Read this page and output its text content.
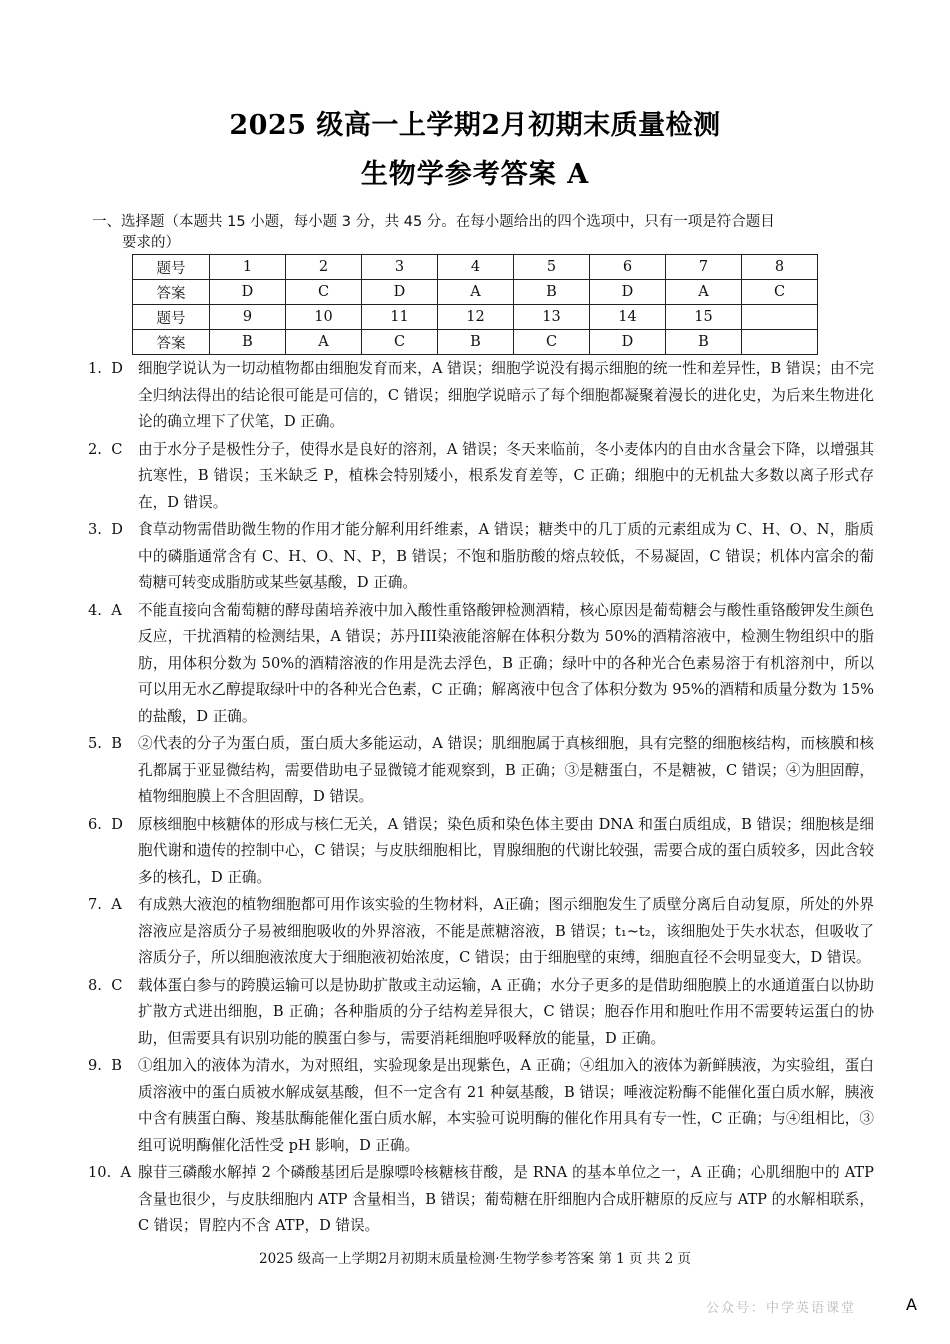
2025 级高一上学期2月初期末质量检测
生物学参考答案 A
一、选择题（本题共 15 小题，每小题 3 分，共 45 分。在每小题给出的四个选项中，只有一项是符合题目
要求的）
题号	1	2	3	4	5	6	7	8
答案	D	C	D	A	B	D	A	C
题号	9	10	11	12	13	14	15	
答案	B	A	C	B	C	D	B	
1.  D	细胞学说认为一切动植物都由细胞发育而来，A 错误；细胞学说没有揭示细胞的统一性和差异性，B 错误；由不完全归纳法得出的结论很可能是可信的，C 错误；细胞学说暗示了每个细胞都凝聚着漫长的进化史，为后来生物进化论的确立埋下了伏笔，D 正确。
2.  C	由于水分子是极性分子，使得水是良好的溶剂，A 错误；冬天来临前，冬小麦体内的自由水含量会下降，以增强其抗寒性，B 错误；玉米缺乏 P，植株会特别矮小，根系发育差等，C 正确；细胞中的无机盐大多数以离子形式存在，D 错误。
3.  D	食草动物需借助微生物的作用才能分解利用纤维素，A 错误；糖类中的几丁质的元素组成为 C、H、O、N，脂质中的磷脂通常含有 C、H、O、N、P，B 错误；不饱和脂肪酸的熔点较低，不易凝固，C 错误；机体内富余的葡萄糖可转变成脂肪或某些氨基酸，D 正确。
4.  A	不能直接向含葡萄糖的酵母菌培养液中加入酸性重铬酸钾检测酒精，核心原因是葡萄糖会与酸性重铬酸钾发生颜色反应，干扰酒精的检测结果，A 错误；苏丹III染液能溶解在体积分数为 50%的酒精溶液中，检测生物组织中的脂肪，用体积分数为 50%的酒精溶液的作用是洗去浮色，B 正确；绿叶中的各种光合色素易溶于有机溶剂中，所以可以用无水乙醇提取绿叶中的各种光合色素，C 正确；解离液中包含了体积分数为 95%的酒精和质量分数为 15%的盐酸，D 正确。
5.  B	②代表的分子为蛋白质，蛋白质大多能运动，A 错误；肌细胞属于真核细胞，具有完整的细胞核结构，而核膜和核孔都属于亚显微结构，需要借助电子显微镜才能观察到，B 正确；③是糖蛋白，不是糖被，C 错误；④为胆固醇，植物细胞膜上不含胆固醇，D 错误。
6.  D	原核细胞中核糖体的形成与核仁无关，A 错误；染色质和染色体主要由 DNA 和蛋白质组成，B 错误；细胞核是细胞代谢和遗传的控制中心，C 错误；与皮肤细胞相比，胃腺细胞的代谢比较强，需要合成的蛋白质较多，因此含较多的核孔，D 正确。
7.  A	有成熟大液泡的植物细胞都可用作该实验的生物材料，A正确；图示细胞发生了质壁分离后自动复原，所处的外界溶液应是溶质分子易被细胞吸收的外界溶液，不能是蔗糖溶液，B 错误；t₁~t₂，该细胞处于失水状态，但吸收了溶质分子，所以细胞液浓度大于细胞液初始浓度，C 错误；由于细胞壁的束缚，细胞直径不会明显变大，D 错误。
8.  C	载体蛋白参与的跨膜运输可以是协助扩散或主动运输，A 正确；水分子更多的是借助细胞膜上的水通道蛋白以协助扩散方式进出细胞，B 正确；各种脂质的分子结构差异很大，C 错误；胞吞作用和胞吐作用不需要转运蛋白的协助，但需要具有识别功能的膜蛋白参与，需要消耗细胞呼吸释放的能量，D 正确。
9.  B	①组加入的液体为清水，为对照组，实验现象是出现紫色，A 正确；④组加入的液体为新鲜胰液，为实验组，蛋白质溶液中的蛋白质被水解成氨基酸，但不一定含有 21 种氨基酸，B 错误；唾液淀粉酶不能催化蛋白质水解，胰液中含有胰蛋白酶、羧基肽酶能催化蛋白质水解，本实验可说明酶的催化作用具有专一性，C 正确；与④组相比，③组可说明酶催化活性受 pH 影响，D 正确。
10.  A 腺苷三磷酸水解掉 2 个磷酸基团后是腺嘌呤核糖核苷酸，是 RNA 的基本单位之一，A 正确；心肌细胞中的 ATP 含量也很少，与皮肤细胞内 ATP 含量相当，B 错误；葡萄糖在肝细胞内合成肝糖原的反应与 ATP 的水解相联系，C 错误；胃腔内不含 ATP，D 错误。
2025 级高一上学期2月初期末质量检测·生物学参考答案 第 1 页 共 2 页
公众号：中学英语课堂	A
